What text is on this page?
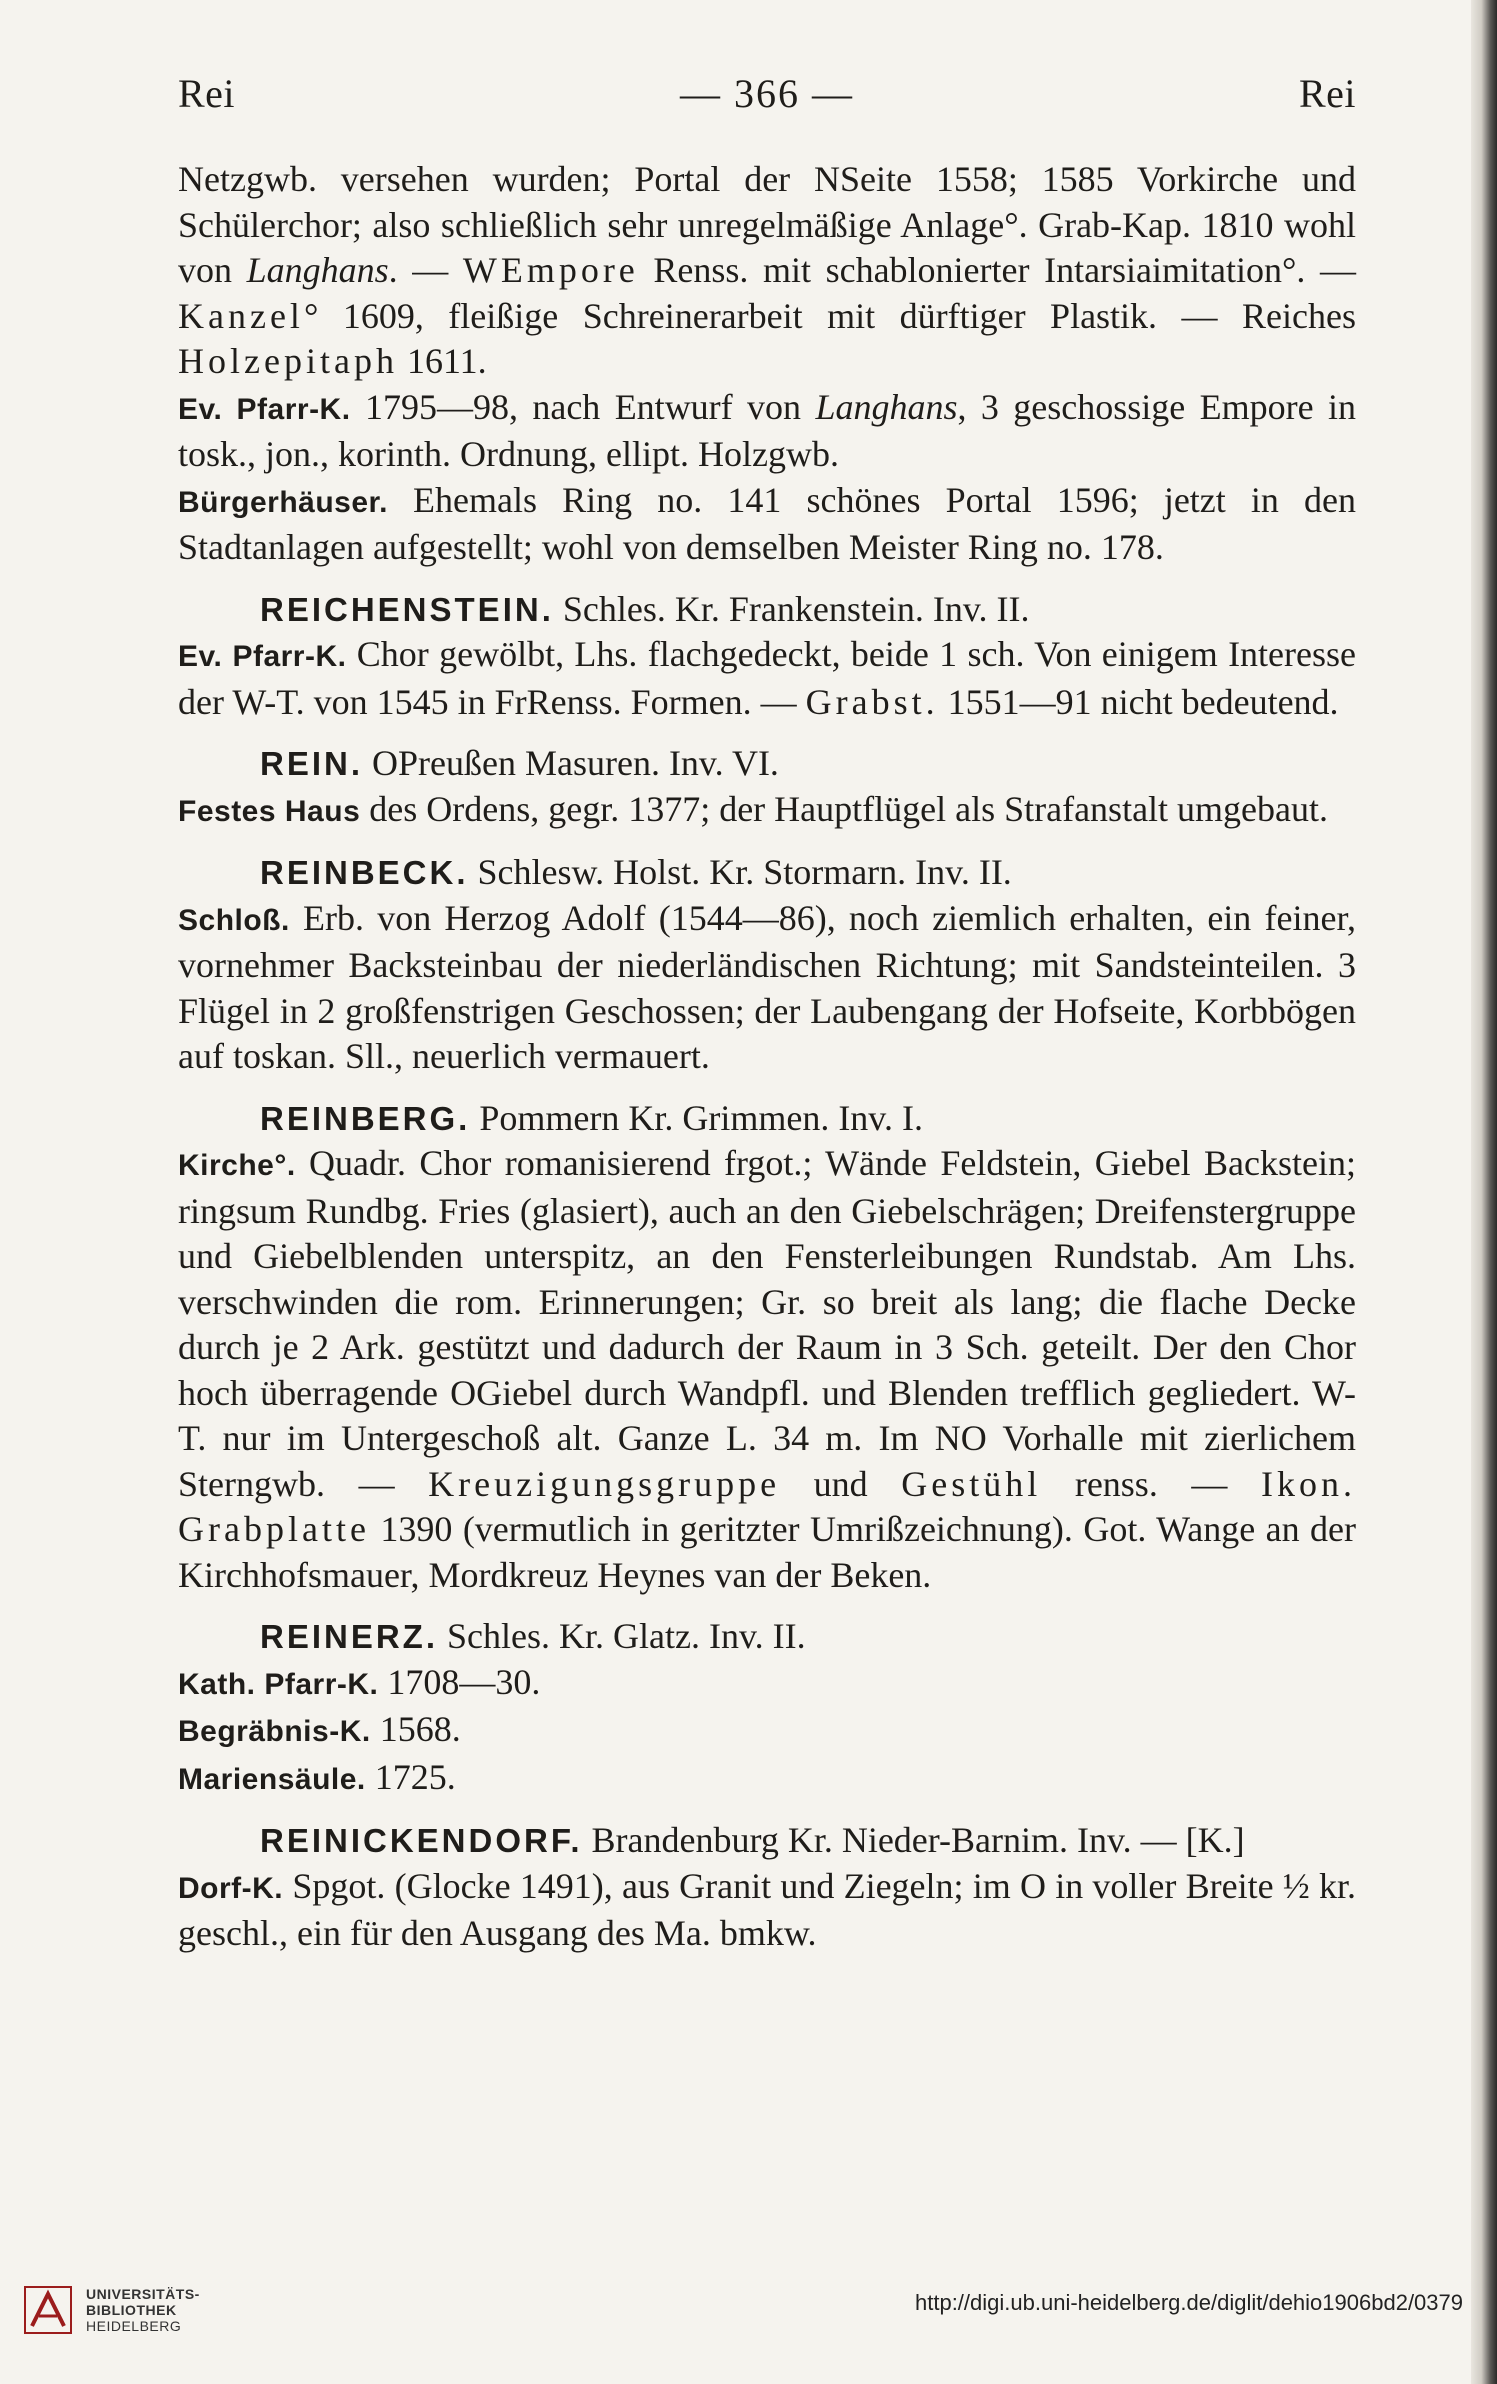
Rei	— 366 —	Rei

Netzgwb. versehen wurden; Portal der NSeite 1558; 1585 Vorkirche und Schülerchor; also schließlich sehr unregelmäßige Anlage°. Grab-Kap. 1810 wohl von Langhans. — WEmpore Renss. mit schablonierter Intarsiaimitation°. — Kanzel° 1609, fleißige Schreinerarbeit mit dürftiger Plastik. — Reiches Holzepitaph 1611.

Ev. Pfarr-K. 1795—98, nach Entwurf von Langhans, 3 geschossige Empore in tosk., jon., korinth. Ordnung, ellipt. Holzgwb.

Bürgerhäuser. Ehemals Ring no. 141 schönes Portal 1596; jetzt in den Stadtanlagen aufgestellt; wohl von demselben Meister Ring no. 178.

REICHENSTEIN. Schles. Kr. Frankenstein. Inv. II.

Ev. Pfarr-K. Chor gewölbt, Lhs. flachgedeckt, beide 1 sch. Von einigem Interesse der W-T. von 1545 in FrRenss. Formen. — Grabst. 1551—91 nicht bedeutend.

REIN. OPreußen Masuren. Inv. VI.

Festes Haus des Ordens, gegr. 1377; der Hauptflügel als Strafanstalt umgebaut.

REINBECK. Schlesw. Holst. Kr. Stormarn. Inv. II.

Schloß. Erb. von Herzog Adolf (1544—86), noch ziemlich erhalten, ein feiner, vornehmer Backsteinbau der niederländischen Richtung; mit Sandsteinteilen. 3 Flügel in 2 großfenstrigen Geschossen; der Laubengang der Hofseite, Korbbögen auf toskan. Sll., neuerlich vermauert.

REINBERG. Pommern Kr. Grimmen. Inv. I.

Kirche°. Quadr. Chor romanisierend frgot.; Wände Feldstein, Giebel Backstein; ringsum Rundbg. Fries (glasiert), auch an den Giebelschrägen; Dreifenstergruppe und Giebelblenden unterspitz, an den Fensterleibungen Rundstab. Am Lhs. verschwinden die rom. Erinnerungen; Gr. so breit als lang; die flache Decke durch je 2 Ark. gestützt und dadurch der Raum in 3 Sch. geteilt. Der den Chor hoch überragende OGiebel durch Wandpfl. und Blenden trefflich gegliedert. W-T. nur im Untergeschoß alt. Ganze L. 34 m. Im NO Vorhalle mit zierlichem Sterngwb. — Kreuzigungsgruppe und Gestühl renss. — Ikon. Grabplatte 1390 (vermutlich in geritzter Umrißzeichnung). Got. Wange an der Kirchhofsmauer, Mordkreuz Heynes van der Beken.

REINERZ. Schles. Kr. Glatz. Inv. II.

Kath. Pfarr-K. 1708—30.

Begräbnis-K. 1568.

Mariensäule. 1725.

REINICKENDORF. Brandenburg Kr. Nieder-Barnim. Inv. — [K.]

Dorf-K. Spgot. (Glocke 1491), aus Granit und Ziegeln; im O in voller Breite ½ kr. geschl., ein für den Ausgang des Ma. bmkw.

UNIVERSITÄTS-
BIBLIOTHEK
HEIDELBERG
http://digi.ub.uni-heidelberg.de/diglit/dehio1906bd2/0379
